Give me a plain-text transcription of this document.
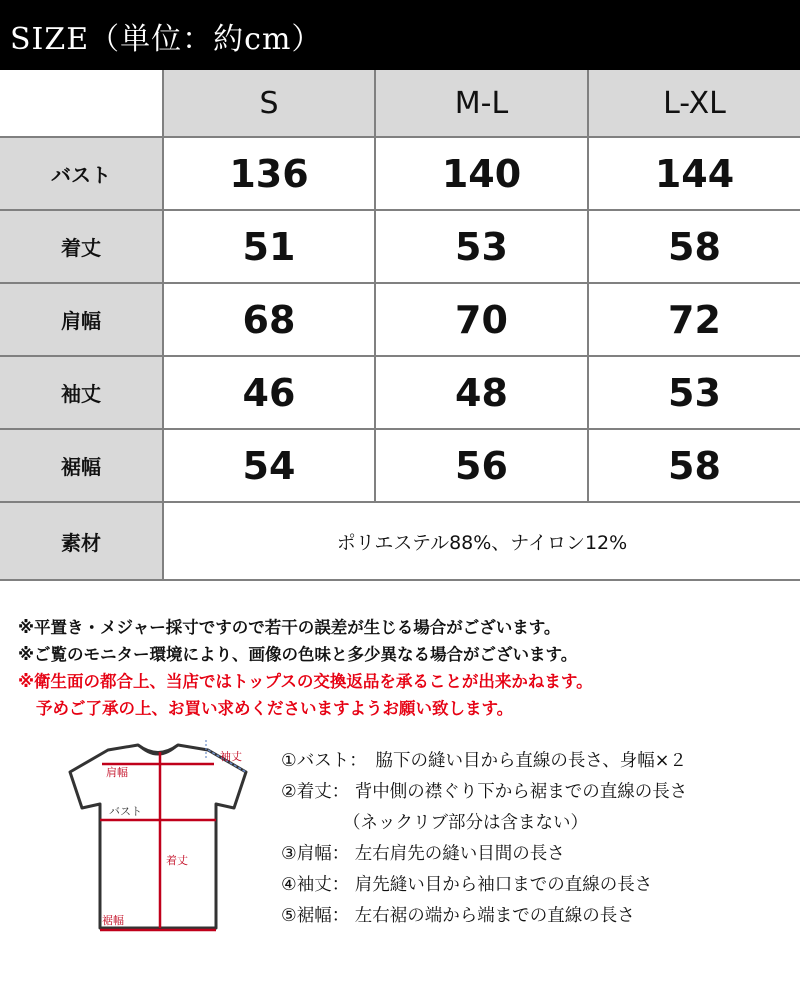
SIZE（単位：約cm）
	S	M-L	L-XL
バスト	136	140	144
着丈	51	53	58
肩幅	68	70	72
袖丈	46	48	53
裾幅	54	56	58
素材	ポリエステル88%、ナイロン12%		
※平置き・メジャー採寸ですので若干の誤差が生じる場合がございます。
※ご覧のモニター環境により、画像の色味と多少異なる場合がございます。
※衛生面の都合上、当店ではトップスの交換返品を承ることが出来かねます。
予めご了承の上、お買い求めくださいますようお願い致します。
肩幅
バスト
着丈
袖丈
裾幅
①バスト：　脇下の縫い目から直線の長さ、身幅×２
②着丈： 背中側の襟ぐり下から裾までの直線の長さ
（ネックリブ部分は含まない）
③肩幅： 左右肩先の縫い目間の長さ
④袖丈： 肩先縫い目から袖口までの直線の長さ
⑤裾幅： 左右裾の端から端までの直線の長さ
